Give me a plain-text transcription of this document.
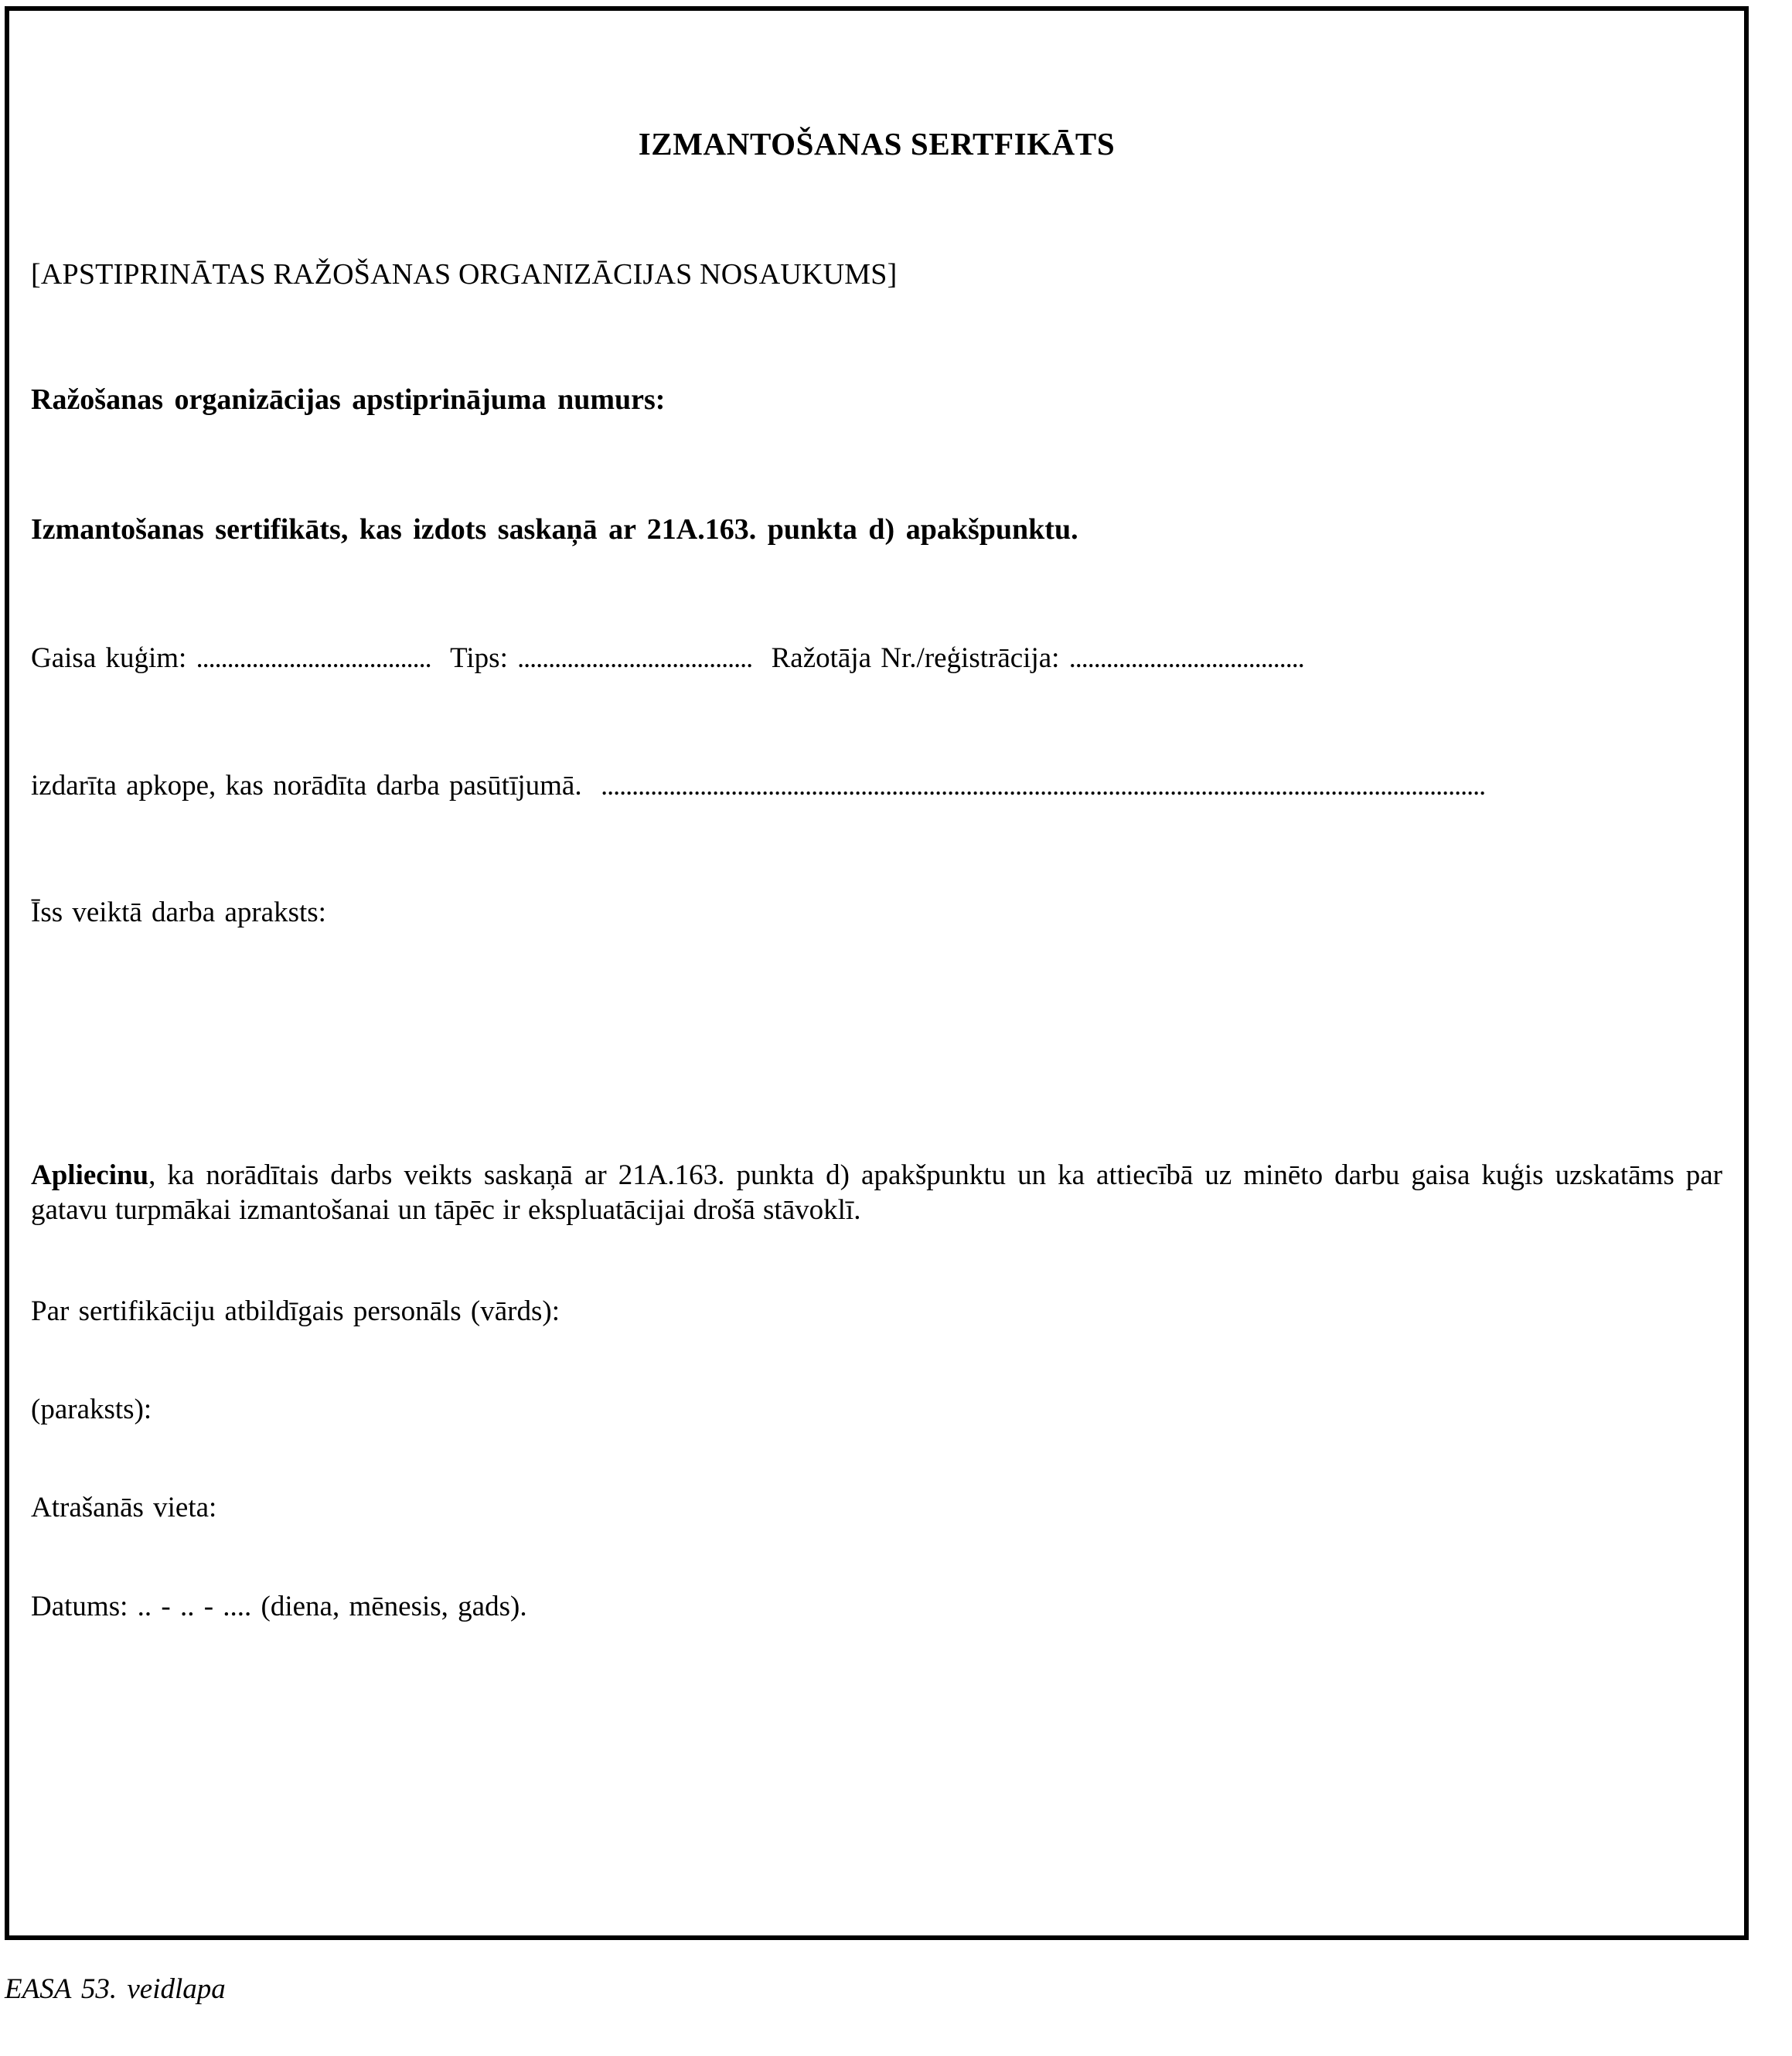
IZMANTOŠANAS SERTFIKĀTS

[APSTIPRINĀTAS RAŽOŠANAS ORGANIZĀCIJAS NOSAUKUMS]

Ražošanas organizācijas apstiprinājuma numurs:

Izmantošanas sertifikāts, kas izdots saskaņā ar 21A.163. punkta d) apakšpunktu.

Gaisa kuģim: ...................................... Tips: ...................................... Ražotāja Nr./reģistrācija: ......................................

izdarīta apkope, kas norādīta darba pasūtījumā. ...............................................................................................................................................

Īss veiktā darba apraksts:

Apliecinu, ka norādītais darbs veikts saskaņā ar 21A.163. punkta d) apakšpunktu un ka attiecībā uz minēto darbu gaisa kuģis uzskatāms par gatavu turpmākai izmantošanai un tāpēc ir ekspluatācijai drošā stāvoklī.

Par sertifikāciju atbildīgais personāls (vārds):

(paraksts):

Atrašanās vieta:

Datums: .. - .. - .... (diena, mēnesis, gads).

EASA 53. veidlapa
